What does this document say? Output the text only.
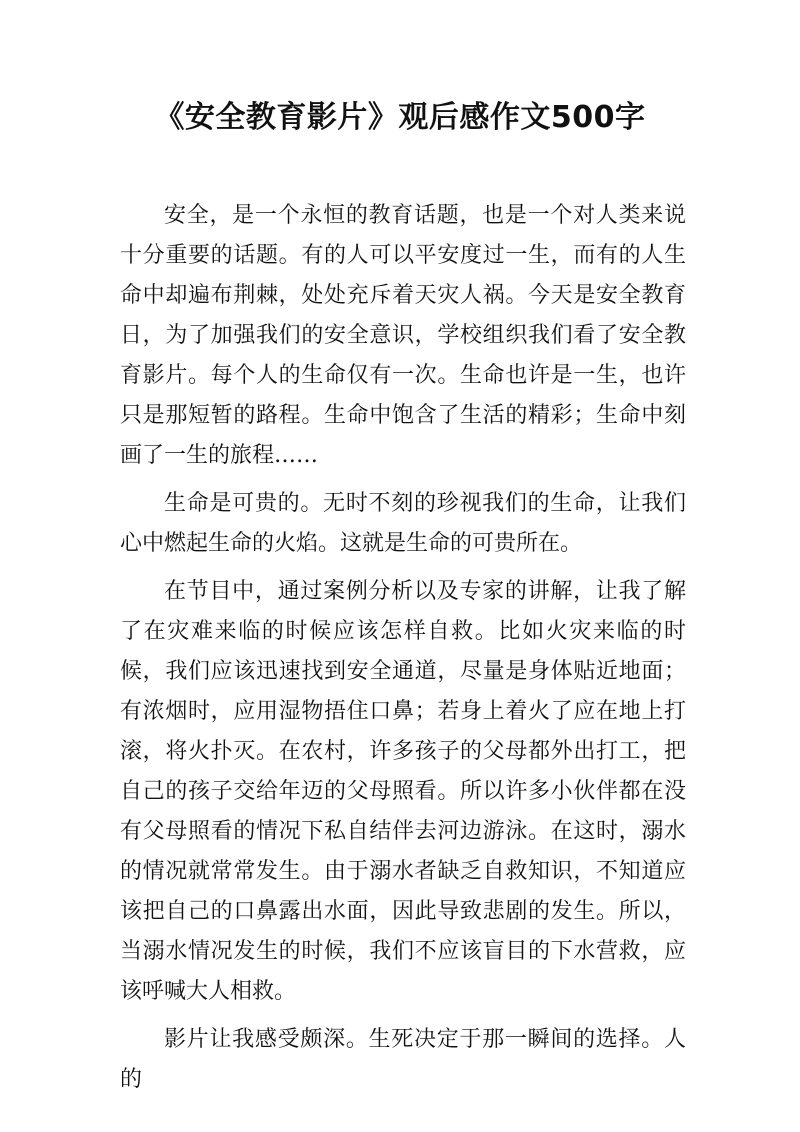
《安全教育影片》观后感作文500字

安全，是一个永恒的教育话题，也是一个对人类来说十分重要的话题。有的人可以平安度过一生，而有的人生命中却遍布荆棘，处处充斥着天灾人祸。今天是安全教育日，为了加强我们的安全意识，学校组织我们看了安全教育影片。每个人的生命仅有一次。生命也许是一生，也许只是那短暂的路程。生命中饱含了生活的精彩；生命中刻画了一生的旅程……

生命是可贵的。无时不刻的珍视我们的生命，让我们心中燃起生命的火焰。这就是生命的可贵所在。

在节目中，通过案例分析以及专家的讲解，让我了解了在灾难来临的时候应该怎样自救。比如火灾来临的时候，我们应该迅速找到安全通道，尽量是身体贴近地面；有浓烟时，应用湿物捂住口鼻；若身上着火了应在地上打滚，将火扑灭。在农村，许多孩子的父母都外出打工，把自己的孩子交给年迈的父母照看。所以许多小伙伴都在没有父母照看的情况下私自结伴去河边游泳。在这时，溺水的情况就常常发生。由于溺水者缺乏自救知识，不知道应该把自己的口鼻露出水面，因此导致悲剧的发生。所以，当溺水情况发生的时候，我们不应该盲目的下水营救，应该呼喊大人相救。

影片让我感受颇深。生死决定于那一瞬间的选择。人的
